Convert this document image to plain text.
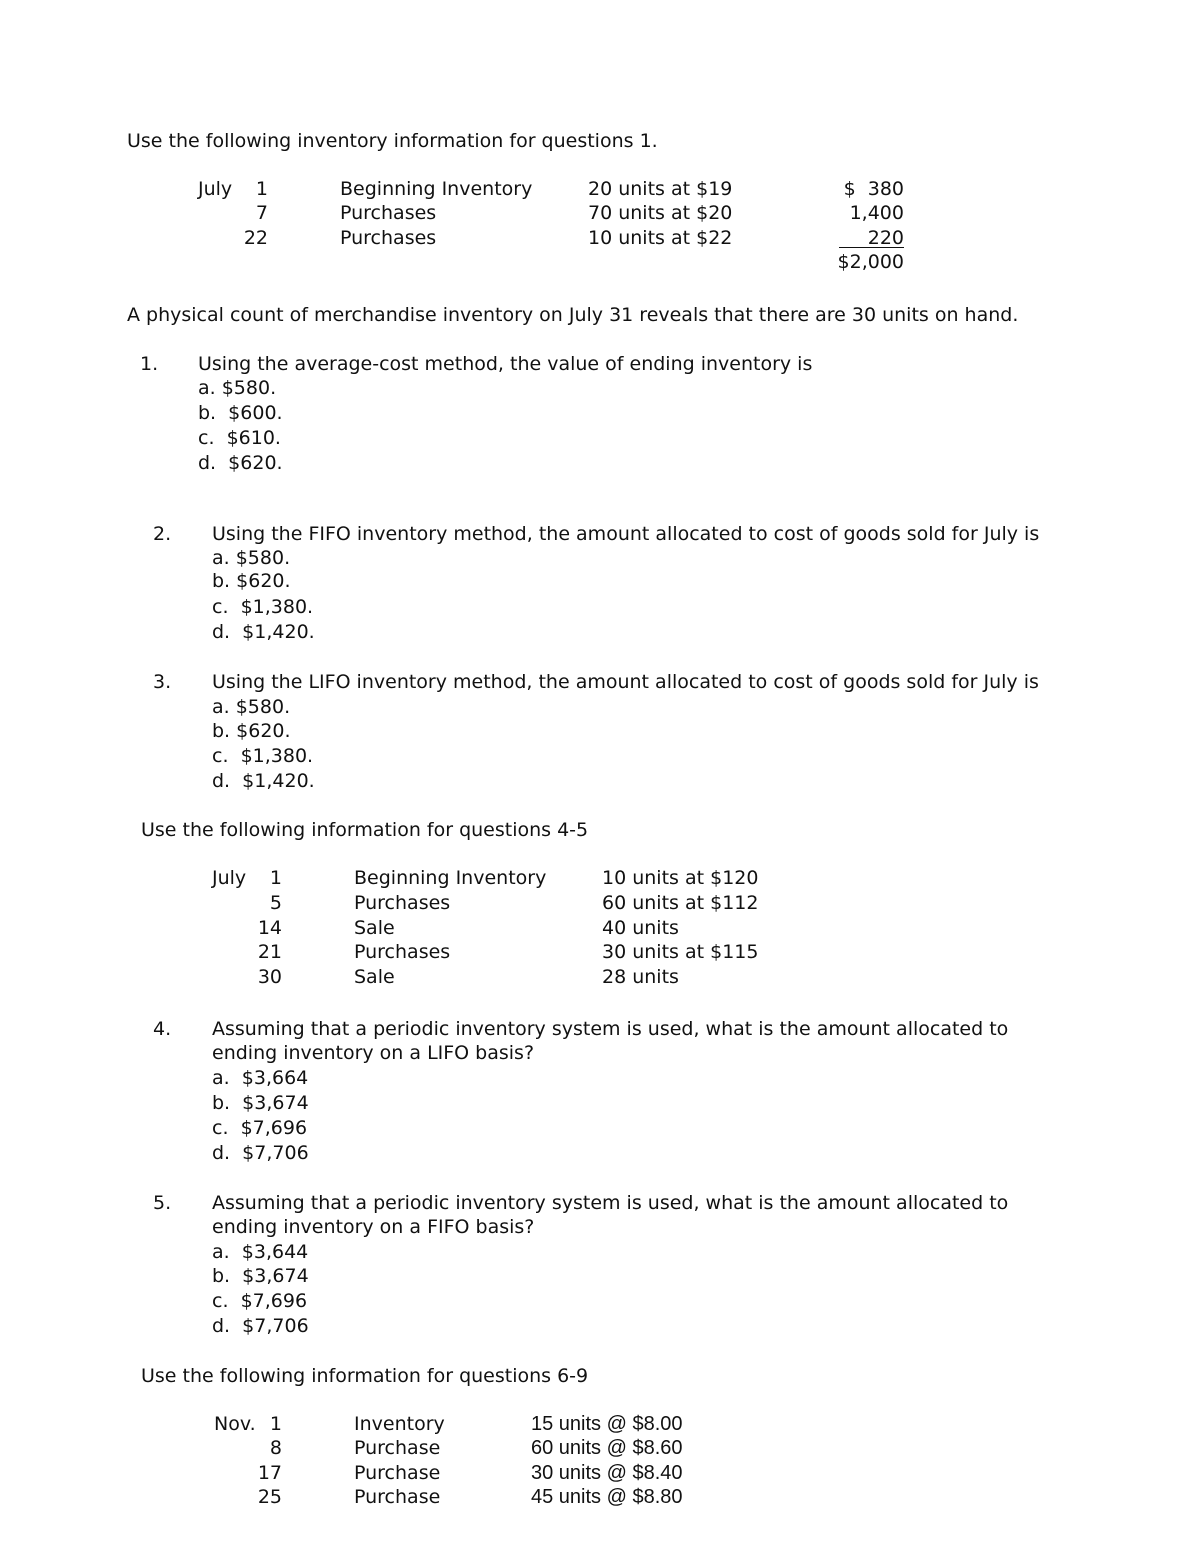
Use the following inventory information for questions 1.
July	1	Beginning Inventory	20 units at $19	$  380
7	Purchases	70 units at $20	1,400
22	Purchases	10 units at $22	220
$2,000
A physical count of merchandise inventory on July 31 reveals that there are 30 units on hand.
1. Using the average-cost method, the value of ending inventory is
a. $580.
b.  $600.
c.  $610.
d.  $620.
2. Using the FIFO inventory method, the amount allocated to cost of goods sold for July is
a. $580.
b. $620.
c.  $1,380.
d.  $1,420.
3. Using the LIFO inventory method, the amount allocated to cost of goods sold for July is
a. $580.
b. $620.
c.  $1,380.
d.  $1,420.
Use the following information for questions 4-5
July	1	Beginning Inventory	10 units at $120
5	Purchases	60 units at $112
14	Sale	40 units
21	Purchases	30 units at $115
30	Sale	28 units
4. Assuming that a periodic inventory system is used, what is the amount allocated to
ending inventory on a LIFO basis?
a.  $3,664
b.  $3,674
c.  $7,696
d.  $7,706
5. Assuming that a periodic inventory system is used, what is the amount allocated to
ending inventory on a FIFO basis?
a.  $3,644
b.  $3,674
c.  $7,696
d.  $7,706
Use the following information for questions 6-9
Nov. 1	Inventory	15 units @ $8.00
8	Purchase	60 units @ $8.60
17	Purchase	30 units @ $8.40
25	Purchase	45 units @ $8.80
